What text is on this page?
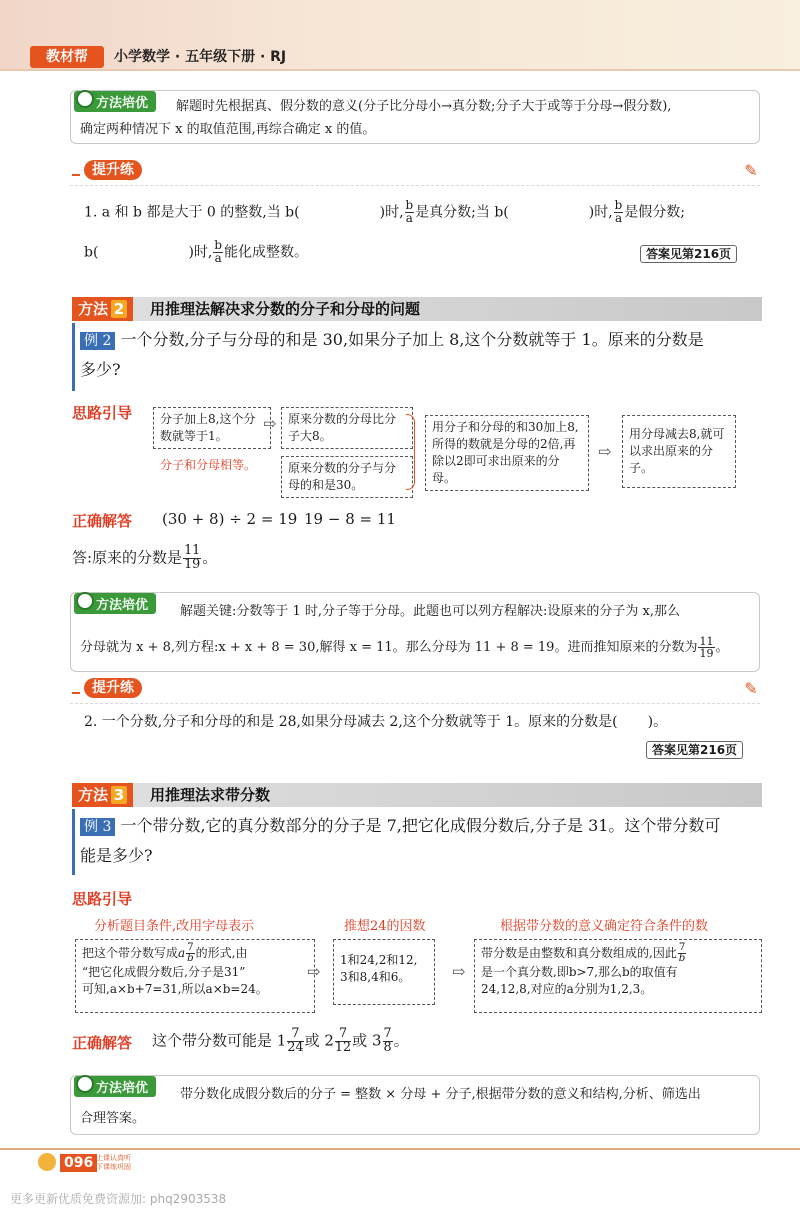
教材帮	小学数学 · 五年级下册 · RJ
方法培优	解题时先根据真、假分数的意义(分子比分母小→真分数;分子大于或等于分母→假分数),
确定两种情况下 x 的取值范围,再综合确定 x 的值。
提升练	✎
1. a 和 b 都是大于 0 的整数,当 b(	)时, $\frac{b}{a}$ 是真分数;当 b(	)时, $\frac{b}{a}$ 是假分数;
b(	)时, $\frac{b}{a}$ 能化成整数。	答案见第216页
方法 2	用推理法解决求分数的分子和分母的问题
例 2 一个分数,分子与分母的和是 30,如果分子加上 8,这个分数就等于 1。原来的分数是
多少?
思路引导	分子加上8,这个分数就等于1。
分子和分母相等。
⇨ 原来分数的分母比分子大8。
原来分数的分子与分母的和是30。
用分子和分母的和30加上8,所得的数就是分母的2倍,再除以2即可求出原来的分母。
⇨
用分母减去8,就可以求出原来的分子。
正确解答 (30 + 8) ÷ 2 = 19 19 − 8 = 11
答:原来的分数是 $\frac{11}{19}$ 。
方法培优	解题关键:分数等于 1 时,分子等于分母。此题也可以列方程解决:设原来的分子为 x,那么
分母就为 x + 8,列方程:x + x + 8 = 30,解得 x = 11。那么分母为 11 + 8 = 19。进而推知原来的分数为 $\frac{11}{19}$ 。
提升练	✎
2. 一个分数,分子和分母的和是 28,如果分母减去 2,这个分数就等于 1。原来的分数是( )。
答案见第216页
方法 3	用推理法求带分数
例 3 一个带分数,它的真分数部分的分子是 7,把它化成假分数后,分子是 31。这个带分数可
能是多少?
思路引导
分析题目条件,改用字母表示	推想24的因数	根据带分数的意义确定符合条件的数
把这个带分数写成a $\frac{7}{b}$ 的形式,由
“把它化成假分数后,分子是31”
可知,a×b+7=31,所以a×b=24。
⇨
1和24,2和12,
3和8,4和6。	⇨
带分数是由整数和真分数组成的,因此 $\frac{7}{b}$
是一个真分数,即b>7,那么b的取值有
24,12,8,对应的a分别为1,2,3。
正确解答 这个带分数可能是 $1 \frac{7}{24}$ 或 $2 \frac{7}{12}$ 或 $3 \frac{7}{8}$ 。
方法培优	带分数化成假分数后的分子 = 整数 × 分母 + 分子,根据带分数的意义和结构,分析、筛选出
合理答案。
096 上课认真听
下课练巩固
更多更新优质免费资源加: phq2903538
